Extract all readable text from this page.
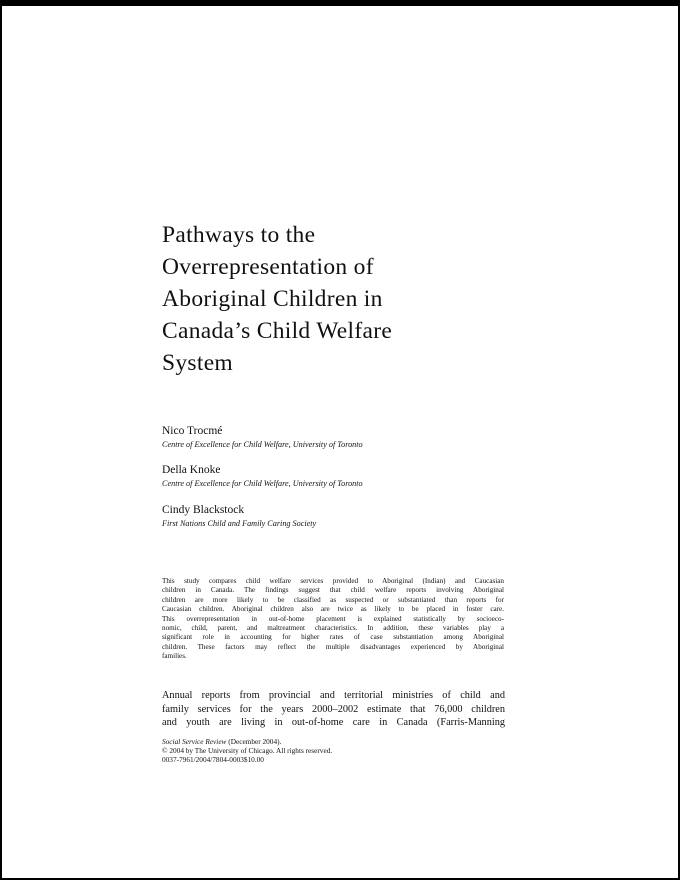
Pathways to the
Overrepresentation of
Aboriginal Children in
Canada’s Child Welfare
System
Nico Trocmé
Centre of Excellence for Child Welfare, University of Toronto
Della Knoke
Centre of Excellence for Child Welfare, University of Toronto
Cindy Blackstock
First Nations Child and Family Caring Society
This study compares child welfare services provided to Aboriginal (Indian) and Caucasian
children in Canada. The findings suggest that child welfare reports involving Aboriginal
children are more likely to be classified as suspected or substantiated than reports for
Caucasian children. Aboriginal children also are twice as likely to be placed in foster care.
This overrepresentation in out-of-home placement is explained statistically by socioeco-
nomic, child, parent, and maltreatment characteristics. In addition, these variables play a
significant role in accounting for higher rates of case substantiation among Aboriginal
children. These factors may reflect the multiple disadvantages experienced by Aboriginal
families.
Annual reports from provincial and territorial ministries of child and
family services for the years 2000–2002 estimate that 76,000 children
and youth are living in out-of-home care in Canada (Farris-Manning
Social Service Review (December 2004).
© 2004 by The University of Chicago. All rights reserved.
0037-7961/2004/7804-0003$10.00
